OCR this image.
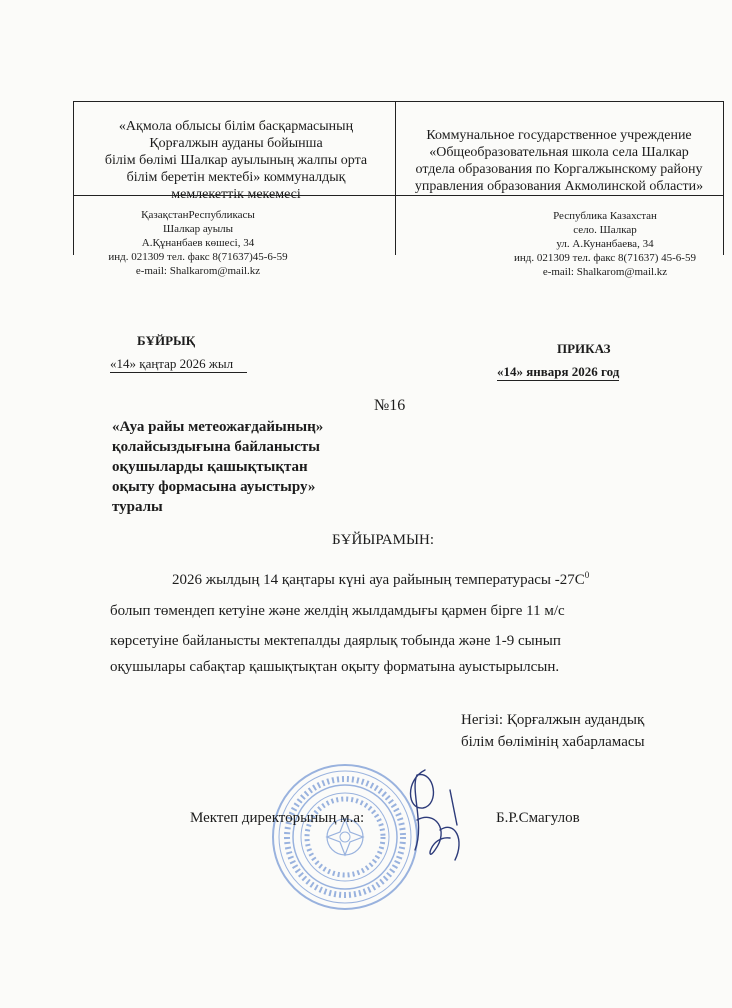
«Ақмола облысы білім басқармасының
Қорғалжын ауданы бойынша
білім бөлімі Шалкар ауылының жалпы орта
білім беретін мектебі» коммуналдық
мемлекеттік мекемесі
Коммунальное государственное учреждение
«Общеобразовательная школа села Шалкар
отдела образования по Коргалжынскому району
управления образования Акмолинской области»
ҚазақстанРеспубликасы
Шалкар ауылы
А.Құнанбаев көшесі, 34
инд. 021309 тел. факс 8(71637)45-6-59
e-mail: Shalkarom@mail.kz
Республика Казахстан
село. Шалкар
ул. А.Кунанбаева, 34
инд. 021309 тел. факс 8(71637) 45-6-59
e-mail: Shalkarom@mail.kz
БҰЙРЫҚ
«14» қаңтар 2026 жыл
ПРИКАЗ
«14» января 2026 год
№16
«Ауа райы метеожағдайының»
қолайсыздығына байланысты
оқушыларды қашықтықтан
оқыту формасына ауыстыру»
туралы
БҰЙЫРАМЫН:
2026 жылдың 14 қаңтары күні ауа райының температурасы $-27С^0$
болып төмендеп кетуіне және желдің жылдамдығы қармен бірге 11 м/с
көрсетуіне байланысты мектепалды даярлық тобында және 1-9 сынып
оқушылары сабақтар қашықтықтан оқыту форматына ауыстырылсын.
Негізі: Қорғалжын аудандық
білім бөлімінің хабарламасы
Мектеп директорының м.а:	Б.Р.Смагулов
